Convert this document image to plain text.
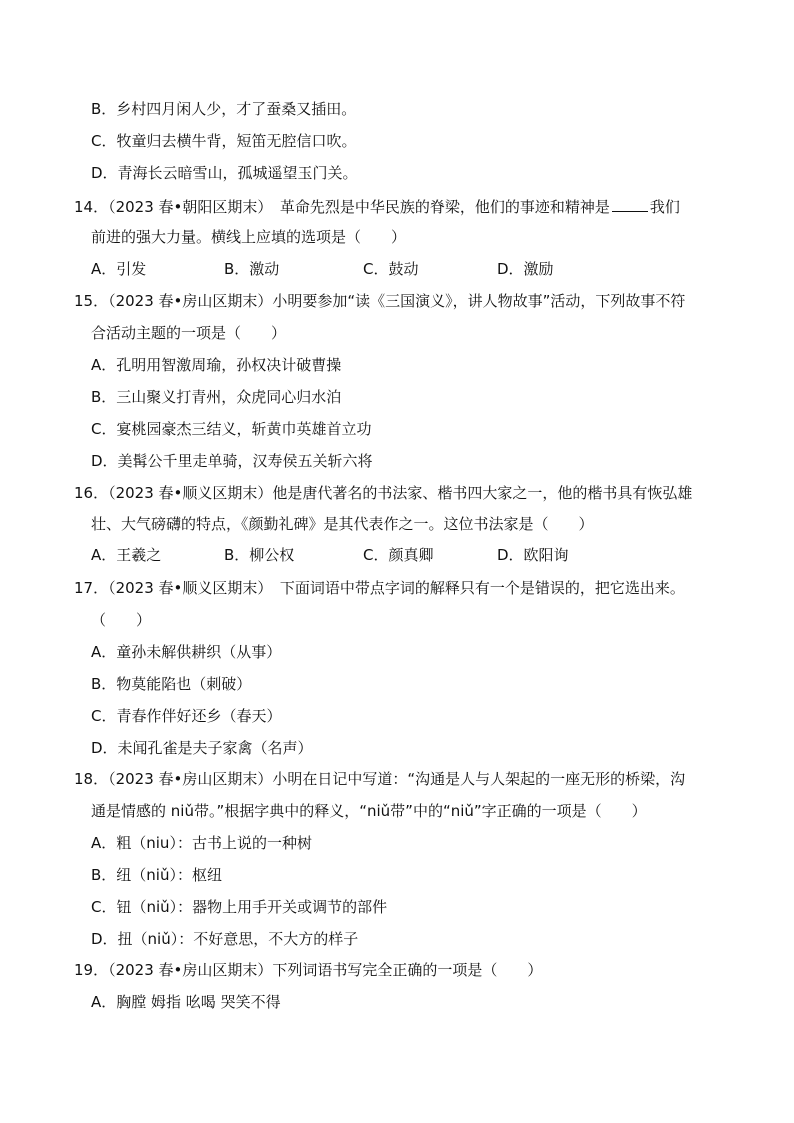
B．乡村四月闲人少，才了蚕桑又插田。
C．牧童归去横牛背，短笛无腔信口吹。
D．青海长云暗雪山，孤城遥望玉门关。
14．（2023 春•朝阳区期末）　革命先烈是中华民族的脊梁，他们的事迹和精神是	我们
前进的强大力量。横线上应填的选项是（　　）
A．引发	B．激动	C．鼓动	D．激励
15．（2023 春•房山区期末）小明要参加“读《三国演义》，讲人物故事”活动，下列故事不符
合活动主题的一项是（　　）
A．孔明用智激周瑜，孙权决计破曹操
B．三山聚义打青州，众虎同心归水泊
C．宴桃园豪杰三结义，斩黄巾英雄首立功
D．美髯公千里走单骑，汉寿侯五关斩六将
16．（2023 春•顺义区期末）他是唐代著名的书法家、楷书四大家之一，他的楷书具有恢弘雄
壮、大气磅礴的特点，《颜勤礼碑》是其代表作之一。这位书法家是（　　）
A．王羲之	B．柳公权	C．颜真卿	D．欧阳询
17．（2023 春•顺义区期末）　下面词语中带点字词的解释只有一个是错误的，把它选出来。
（　　）
A．童孙未解供耕织（从事）
B．物莫能陷也（刺破）
C．青春作伴好还乡（春天）
D．未闻孔雀是夫子家禽（名声）
18．（2023 春•房山区期末）小明在日记中写道：“沟通是人与人架起的一座无形的桥梁，沟
通是情感的 niǔ带。”根据字典中的释义，“niǔ带”中的“niǔ”字正确的一项是（　　）
A．粗（niu）：古书上说的一种树
B．纽（niǔ）：枢纽
C．钮（niǔ）：器物上用手开关或调节的部件
D．扭（niǔ）：不好意思，不大方的样子
19．（2023 春•房山区期末）下列词语书写完全正确的一项是（　　）
A．胸膛 姆指 吆喝 哭笑不得
